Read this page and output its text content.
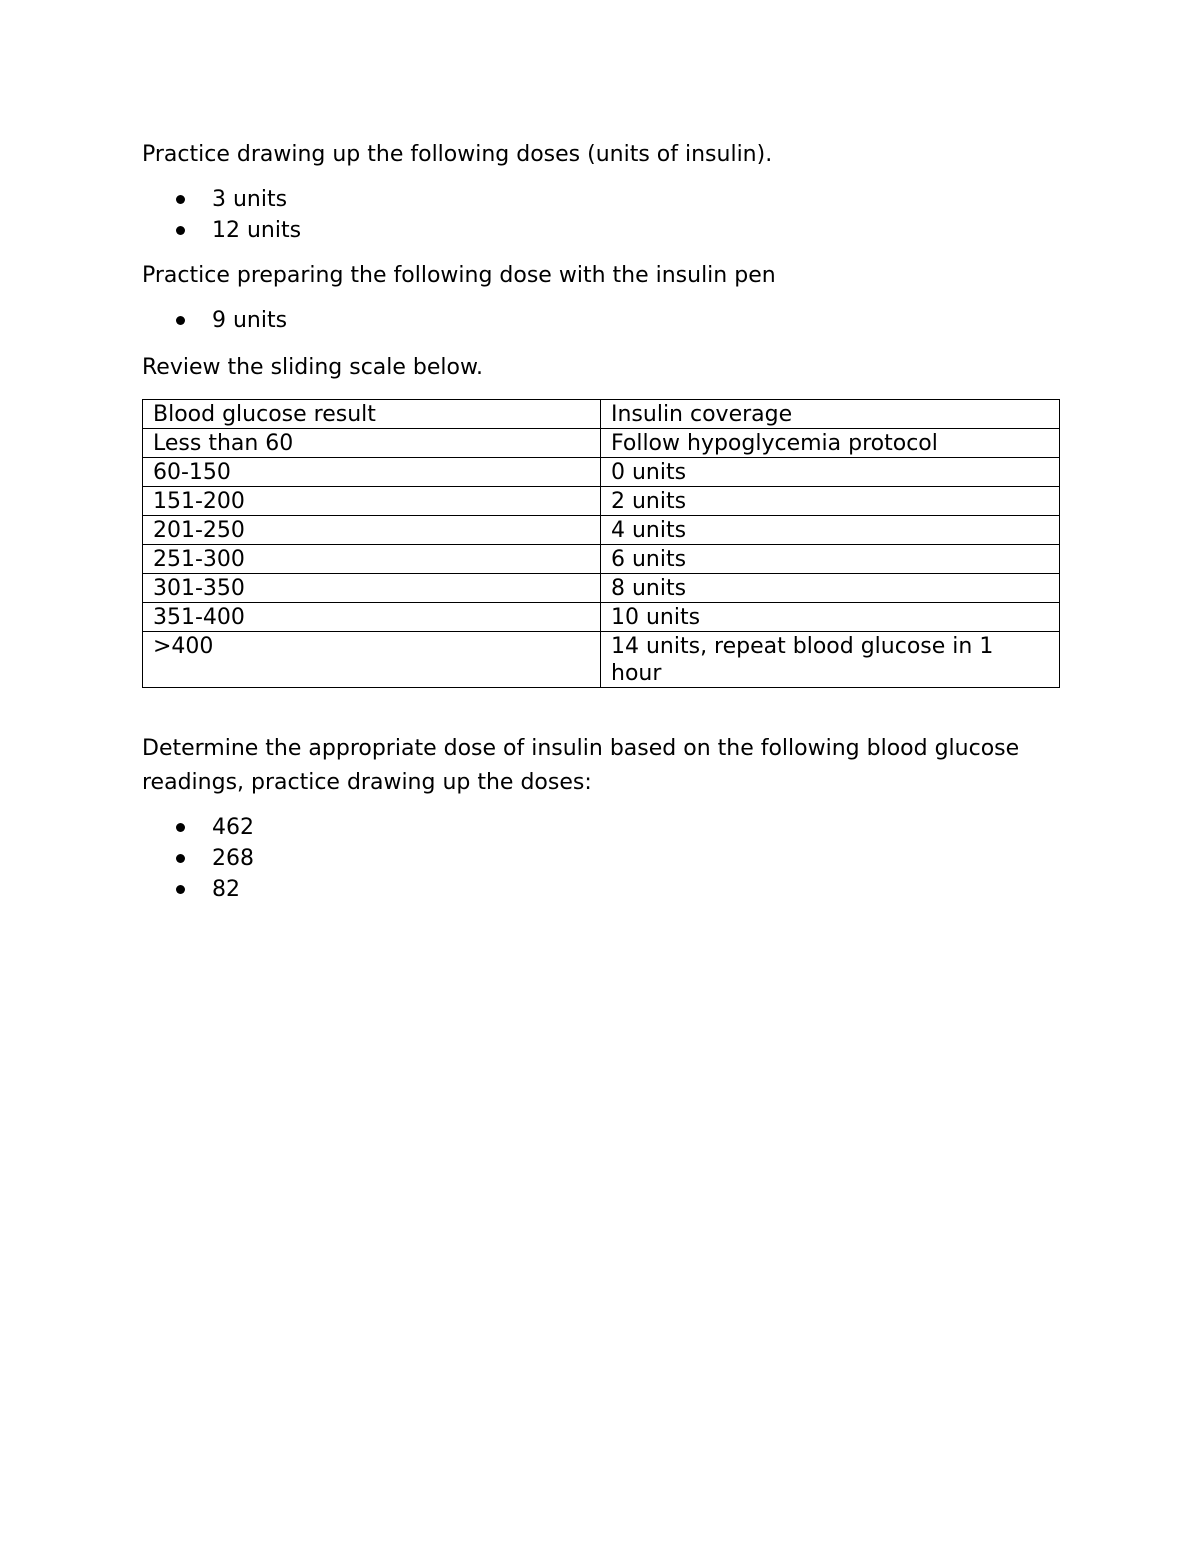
Practice drawing up the following doses (units of insulin).

3 units
12 units

Practice preparing the following dose with the insulin pen

9 units

Review the sliding scale below.

Blood glucose result	Insulin coverage
Less than 60	Follow hypoglycemia protocol
60-150	0 units
151-200	2 units
201-250	4 units
251-300	6 units
301-350	8 units
351-400	10 units
>400	14 units, repeat blood glucose in 1 hour

Determine the appropriate dose of insulin based on the following blood glucose readings, practice drawing up the doses:

462
268
82
